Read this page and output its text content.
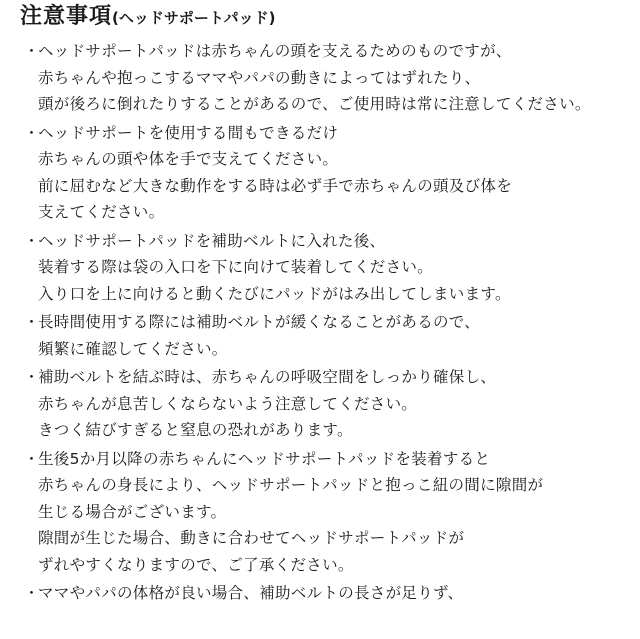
注意事項(ヘッドサポートパッド)
・
ヘッドサポートパッドは赤ちゃんの頭を支えるためのものですが、
赤ちゃんや抱っこするママやパパの動きによってはずれたり、
頭が後ろに倒れたりすることがあるので、ご使用時は常に注意してください。
・
ヘッドサポートを使用する間もできるだけ
赤ちゃんの頭や体を手で支えてください。
前に屈むなど大きな動作をする時は必ず手で赤ちゃんの頭及び体を
支えてください。
・
ヘッドサポートパッドを補助ベルトに入れた後、
装着する際は袋の入口を下に向けて装着してください。
入り口を上に向けると動くたびにパッドがはみ出してしまいます。
・
長時間使用する際には補助ベルトが緩くなることがあるので、
頻繁に確認してください。
・
補助ベルトを結ぶ時は、赤ちゃんの呼吸空間をしっかり確保し、
赤ちゃんが息苦しくならないよう注意してください。
きつく結びすぎると窒息の恐れがあります。
・
生後5か月以降の赤ちゃんにヘッドサポートパッドを装着すると
赤ちゃんの身長により、ヘッドサポートパッドと抱っこ紐の間に隙間が
生じる場合がございます。
隙間が生じた場合、動きに合わせてヘッドサポートパッドが
ずれやすくなりますので、ご了承ください。
・
ママやパパの体格が良い場合、補助ベルトの長さが足りず、
